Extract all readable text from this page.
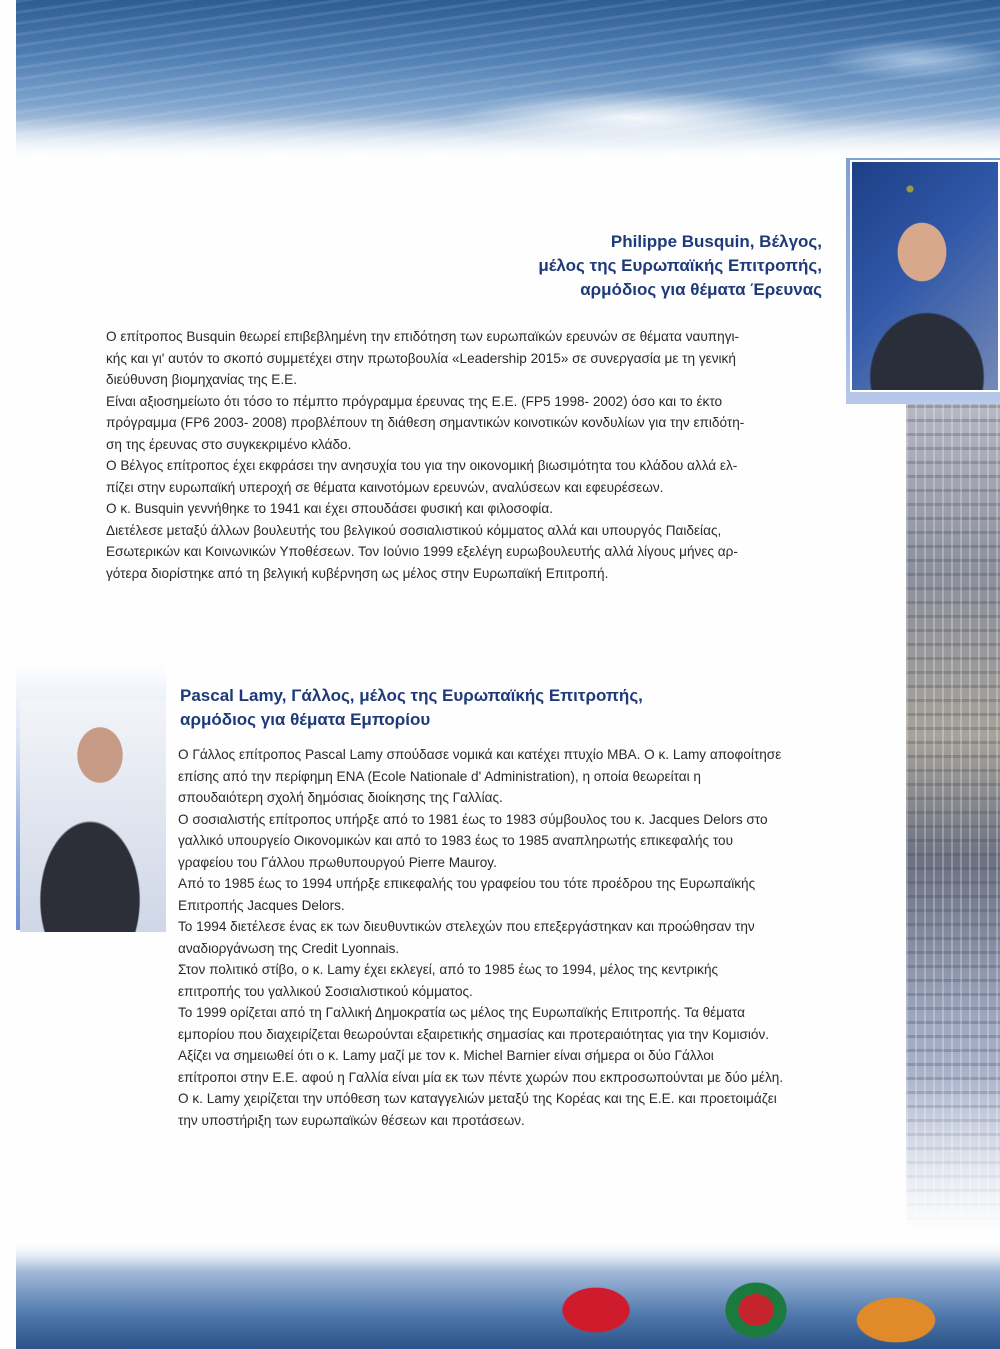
Philippe Busquin, Βέλγος,
μέλος της Ευρωπαϊκής Επιτροπής,
αρμόδιος για θέματα Έρευνας

Ο επίτροπος Busquin θεωρεί επιβεβλημένη την επιδότηση των ευρωπαϊκών ερευνών σε θέματα ναυπηγι-
κής και γι' αυτόν το σκοπό συμμετέχει στην πρωτοβουλία «Leadership 2015» σε συνεργασία με τη γενική
διεύθυνση βιομηχανίας της Ε.Ε.
Είναι αξιοσημείωτο ότι τόσο το πέμπτο πρόγραμμα έρευνας της Ε.Ε. (FP5 1998- 2002) όσο και το έκτο
πρόγραμμα (FP6 2003- 2008) προβλέπουν τη διάθεση σημαντικών κοινοτικών κονδυλίων για την επιδότη-
ση της έρευνας στο συγκεκριμένο κλάδο.
Ο Βέλγος επίτροπος έχει εκφράσει την ανησυχία του για την οικονομική βιωσιμότητα του κλάδου αλλά ελ-
πίζει στην ευρωπαϊκή υπεροχή σε θέματα καινοτόμων ερευνών, αναλύσεων και εφευρέσεων.
Ο κ. Busquin γεννήθηκε το 1941 και έχει σπουδάσει φυσική και φιλοσοφία.
Διετέλεσε μεταξύ άλλων βουλευτής του βελγικού σοσιαλιστικού κόμματος αλλά και υπουργός Παιδείας,
Εσωτερικών και Κοινωνικών Υποθέσεων. Τον Ιούνιο 1999 εξελέγη ευρωβουλευτής αλλά λίγους μήνες αρ-
γότερα διορίστηκε από τη βελγική κυβέρνηση ως μέλος στην Ευρωπαϊκή Επιτροπή.

Pascal Lamy, Γάλλος, μέλος της Ευρωπαϊκής Επιτροπής,
αρμόδιος για θέματα Εμπορίου

Ο Γάλλος επίτροπος Pascal Lamy σπούδασε νομικά και κατέχει πτυχίο MBA. Ο κ. Lamy αποφοίτησε
επίσης από την περίφημη ENA (Ecole Nationale d' Administration), η οποία θεωρείται η
σπουδαιότερη σχολή δημόσιας διοίκησης της Γαλλίας.
Ο σοσιαλιστής επίτροπος υπήρξε από το 1981 έως το 1983 σύμβουλος του κ. Jacques Delors στο
γαλλικό υπουργείο Οικονομικών και από το 1983 έως το 1985 αναπληρωτής επικεφαλής του
γραφείου του Γάλλου πρωθυπουργού Pierre Mauroy.
Από το 1985 έως το 1994 υπήρξε επικεφαλής του γραφείου του τότε προέδρου της Ευρωπαϊκής
Επιτροπής Jacques Delors.
Το 1994 διετέλεσε ένας εκ των διευθυντικών στελεχών που επεξεργάστηκαν και προώθησαν την
αναδιοργάνωση της Credit Lyonnais.
Στον πολιτικό στίβο, ο κ. Lamy έχει εκλεγεί, από το 1985 έως το 1994, μέλος της κεντρικής
επιτροπής του γαλλικού Σοσιαλιστικού κόμματος.
Το 1999 ορίζεται από τη Γαλλική Δημοκρατία ως μέλος της Ευρωπαϊκής Επιτροπής. Τα θέματα
εμπορίου που διαχειρίζεται θεωρούνται εξαιρετικής σημασίας και προτεραιότητας για την Κομισιόν.
Αξίζει να σημειωθεί ότι ο κ. Lamy μαζί με τον κ. Michel Barnier είναι σήμερα οι δύο Γάλλοι
επίτροποι στην Ε.Ε. αφού η Γαλλία είναι μία εκ των πέντε χωρών που εκπροσωπούνται με δύο μέλη.
Ο κ. Lamy χειρίζεται την υπόθεση των καταγγελιών μεταξύ της Κορέας και της Ε.Ε. και προετοιμάζει
την υποστήριξη των ευρωπαϊκών θέσεων και προτάσεων.
